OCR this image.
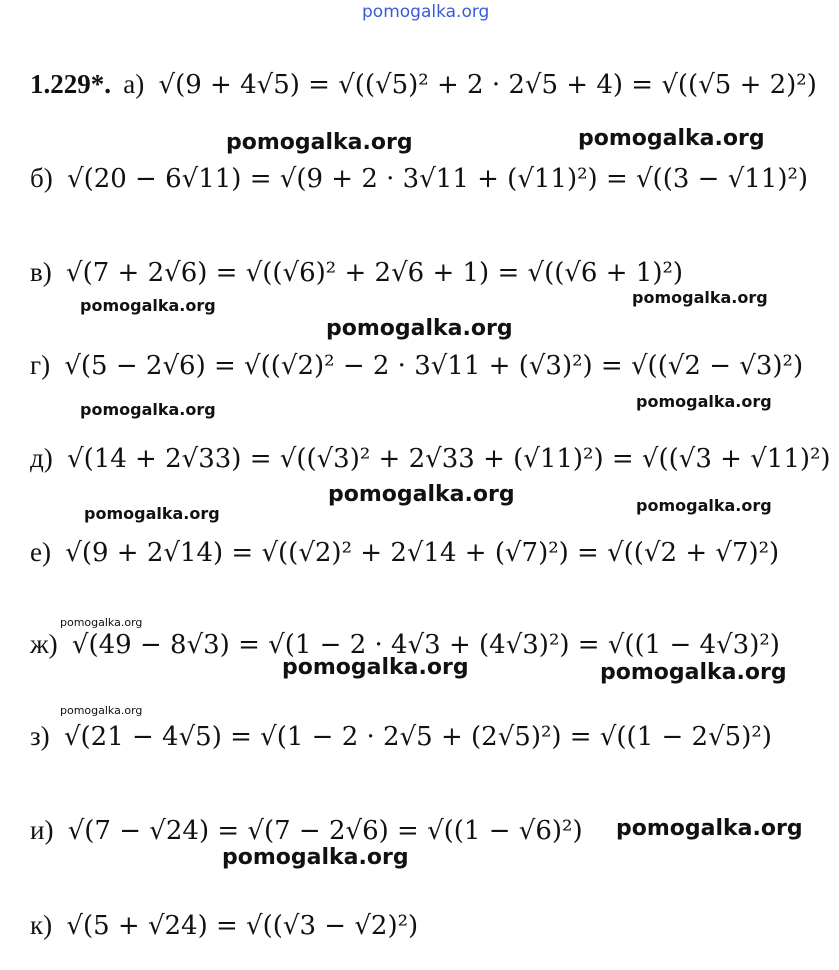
pomogalka.org
1.229*. а) √(9 + 4√5) = √((√5)² + 2 · 2√5 + 4) = √((√5 + 2)²)
б) √(20 − 6√11) = √(9 + 2 · 3√11 + (√11)²) = √((3 − √11)²)
в) √(7 + 2√6) = √((√6)² + 2√6 + 1) = √((√6 + 1)²)
г) √(5 − 2√6) = √((√2)² − 2 · 3√11 + (√3)²) = √((√2 − √3)²)
д) √(14 + 2√33) = √((√3)² + 2√33 + (√11)²) = √((√3 + √11)²)
е) √(9 + 2√14) = √((√2)² + 2√14 + (√7)²) = √((√2 + √7)²)
ж) √(49 − 8√3) = √(1 − 2 · 4√3 + (4√3)²) = √((1 − 4√3)²)
з) √(21 − 4√5) = √(1 − 2 · 2√5 + (2√5)²) = √((1 − 2√5)²)
и) √(7 − √24) = √(7 − 2√6) = √((1 − √6)²)
к) √(5 + √24) = √((√3 − √2)²)
pomogalka.org	pomogalka.org
pomogalka.org	pomogalka.org
pomogalka.org
pomogalka.org	pomogalka.org
pomogalka.org
pomogalka.org	pomogalka.org
pomogalka.org
pomogalka.org	pomogalka.org
pomogalka.org
pomogalka.org
pomogalka.org
